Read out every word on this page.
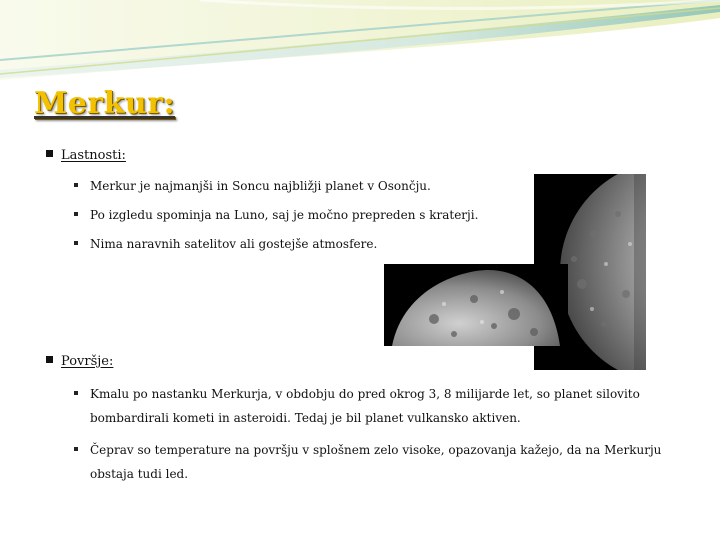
Merkur:
Lastnosti:
Merkur je najmanjši in Soncu najbližji planet v Osončju.
Po izgledu spominja na Luno, saj je močno prepreden s kraterji.
Nima naravnih satelitov ali gostejše atmosfere.
Površje:
Kmalu po nastanku Merkurja, v obdobju do pred okrog 3, 8 milijarde let, so planet silovito
bombardirali kometi in asteroidi. Tedaj je bil planet vulkansko aktiven.
Čeprav so temperature na površju v splošnem zelo visoke, opazovanja kažejo, da na Merkurju
obstaja tudi led.
